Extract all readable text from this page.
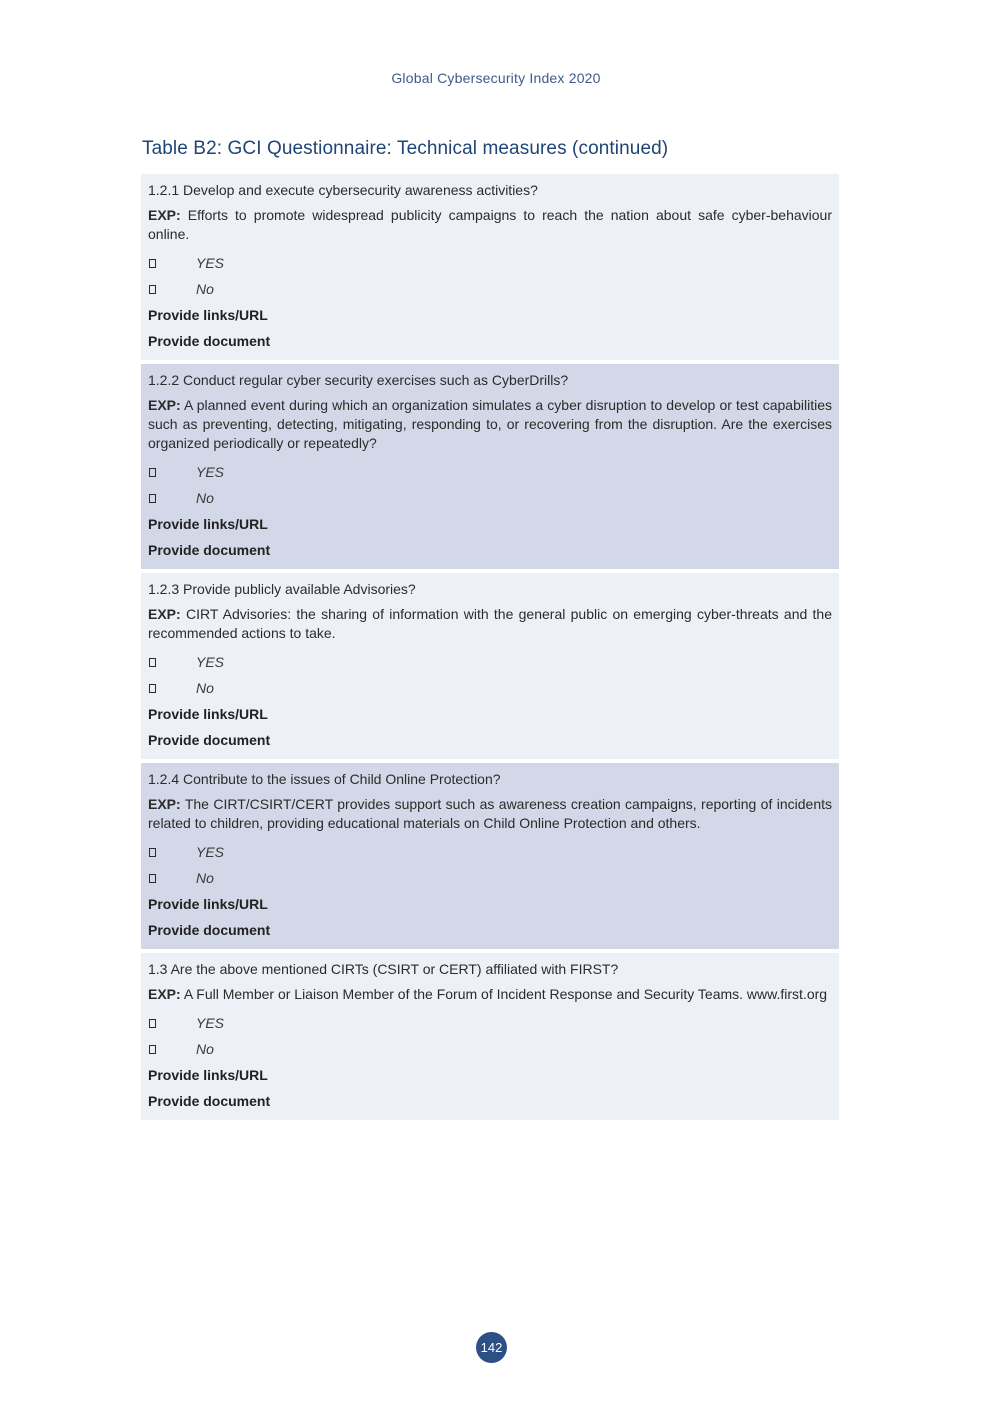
Global Cybersecurity Index 2020
Table B2: GCI Questionnaire: Technical measures (continued)
1.2.1 Develop and execute cybersecurity awareness activities?
EXP: Efforts to promote widespread publicity campaigns to reach the nation about safe cyber-behaviour online.
YES
No
Provide links/URL
Provide document
1.2.2 Conduct regular cyber security exercises such as CyberDrills?
EXP: A planned event during which an organization simulates a cyber disruption to develop or test capabilities such as preventing, detecting, mitigating, responding to, or recovering from the disruption. Are the exercises organized periodically or repeatedly?
YES
No
Provide links/URL
Provide document
1.2.3 Provide publicly available Advisories?
EXP: CIRT Advisories: the sharing of information with the general public on emerging cyber-threats and the recommended actions to take.
YES
No
Provide links/URL
Provide document
1.2.4 Contribute to the issues of Child Online Protection?
EXP: The CIRT/CSIRT/CERT provides support such as awareness creation campaigns, reporting of incidents related to children, providing educational materials on Child Online Protection and others.
YES
No
Provide links/URL
Provide document
1.3 Are the above mentioned CIRTs (CSIRT or CERT) affiliated with FIRST?
EXP: A Full Member or Liaison Member of the Forum of Incident Response and Security Teams. www.first.org
YES
No
Provide links/URL
Provide document
142
